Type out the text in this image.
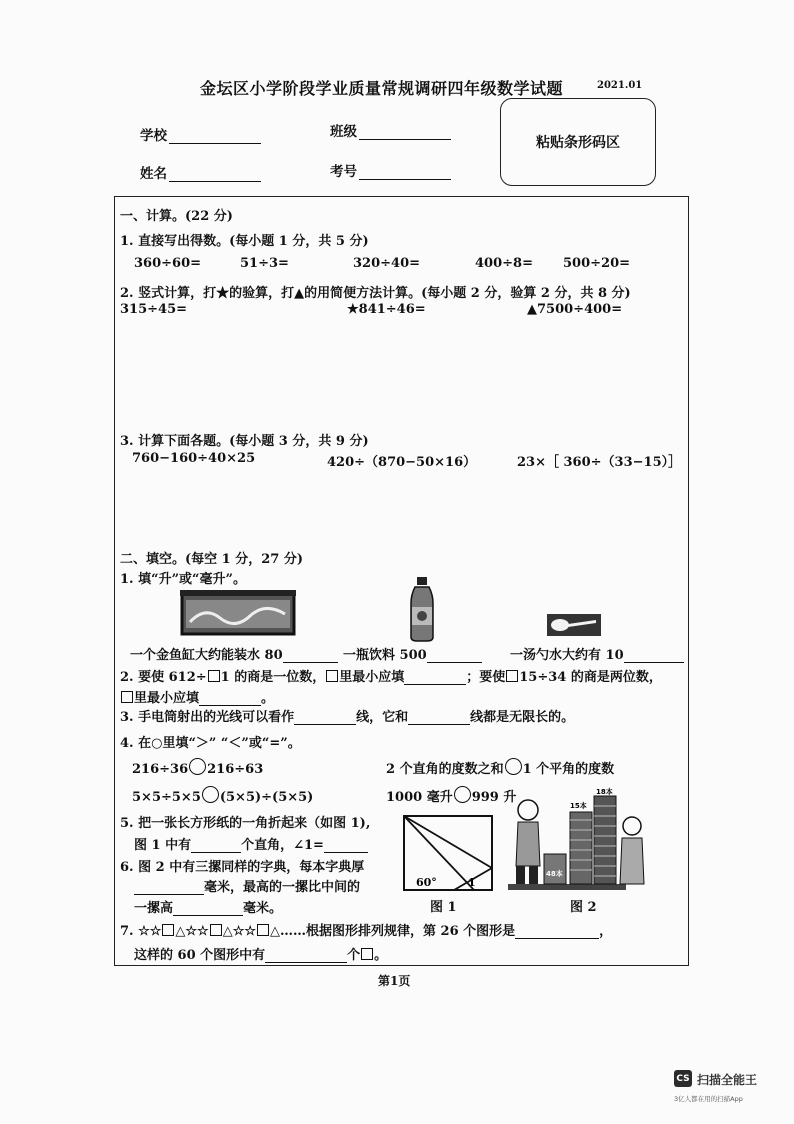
金坛区小学阶段学业质量常规调研四年级数学试题	2021.01
学校	班级
姓名	考号
粘贴条形码区
一、计算。(22 分)
1. 直接写出得数。(每小题 1 分，共 5 分)
360÷60=	51÷3=	320÷40=	400÷8= 500÷20=
2. 竖式计算，打★的验算，打▲的用简便方法计算。(每小题 2 分，验算 2 分，共 8 分)
315÷45=	★841÷46=	▲7500÷400=
3. 计算下面各题。(每小题 3 分，共 9 分)
760−160÷40×25	420÷（870−50×16）	23×［ 360÷（33−15）］
二、填空。(每空 1 分，27 分)
1. 填“升”或“毫升”。
一个金鱼缸大约能装水 80	一瓶饮料 500	一汤勺水大约有 10
2. 要使 612÷ 1 的商是一位数， 里最小应填	；要使 15÷34 的商是两位数，
里最小应填	。
3. 手电筒射出的光线可以看作	线，它和	线都是无限长的。
4. 在○里填“＞” “＜”或“=”。
216÷36 216÷63	2 个直角的度数之和 1 个平角的度数
5×5÷5×5 (5×5)÷(5×5)	1000 毫升 999 升
5. 把一张长方形纸的一角折起来（如图 1),
图 1 中有	个直角，∠1=
6. 图 2 中有三摞同样的字典，每本字典厚
毫米，最高的一摞比中间的
一摞高	毫米。
60°	1
图 1
48本
15本
18本
图 2
7. ☆☆ △☆☆ △☆☆ △……根据图形排列规律，第 26 个图形是	，
这样的 60 个图形中有	个 。
第1页
CS 扫描全能王
3亿人都在用的扫描App
